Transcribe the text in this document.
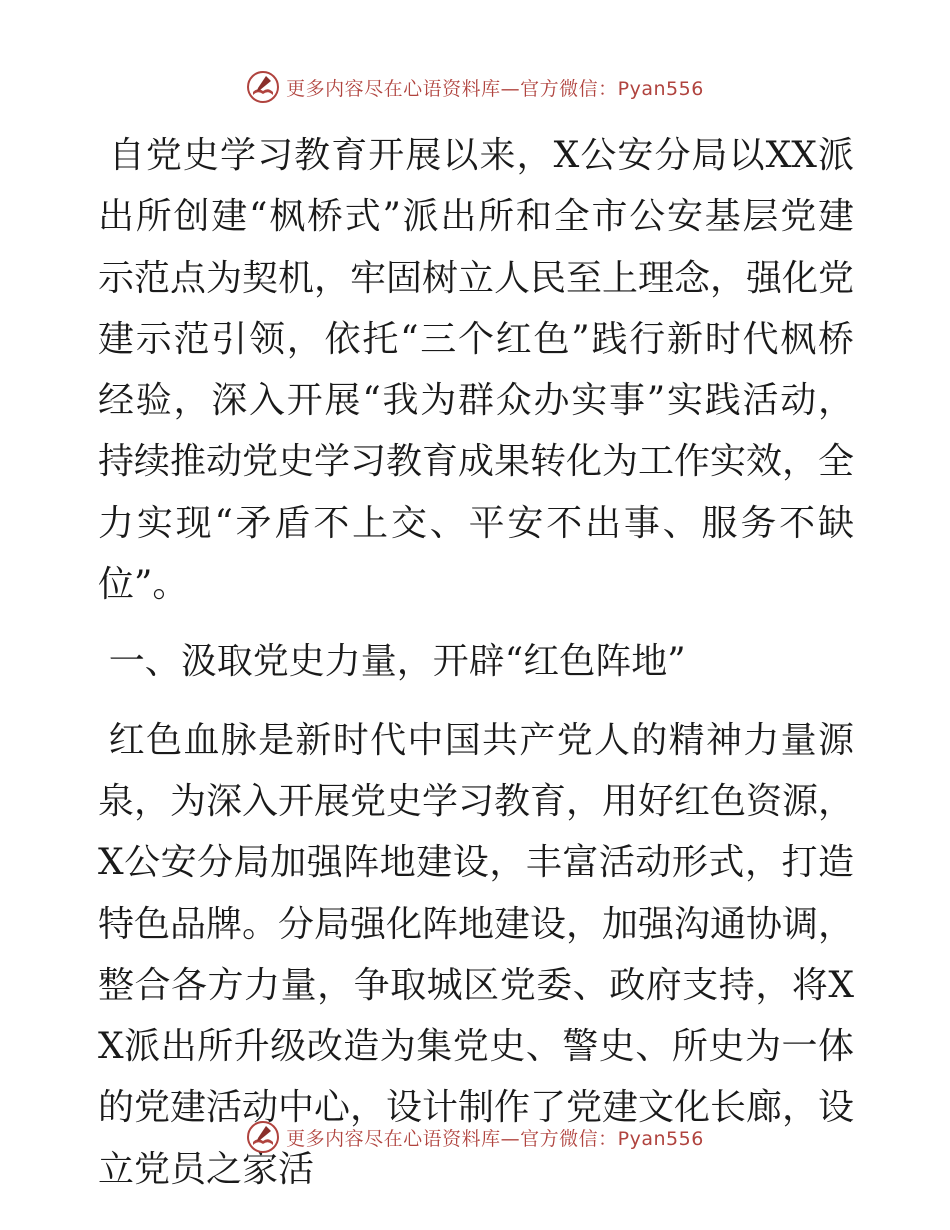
更多内容尽在心语资料库—官方微信：Pyan556

自党史学习教育开展以来，X公安分局以XX派出所创建“枫桥式”派出所和全市公安基层党建示范点为契机，牢固树立人民至上理念，强化党建示范引领，依托“三个红色”践行新时代枫桥经验，深入开展“我为群众办实事”实践活动，持续推动党史学习教育成果转化为工作实效，全力实现“矛盾不上交、平安不出事、服务不缺位”。

一、汲取党史力量，开辟“红色阵地”

红色血脉是新时代中国共产党人的精神力量源泉，为深入开展党史学习教育，用好红色资源，X公安分局加强阵地建设，丰富活动形式，打造特色品牌。分局强化阵地建设，加强沟通协调，整合各方力量，争取城区党委、政府支持，将XX派出所升级改造为集党史、警史、所史为一体的党建活动中心，设计制作了党建文化长廊，设立党员之家活

更多内容尽在心语资料库—官方微信：Pyan556
